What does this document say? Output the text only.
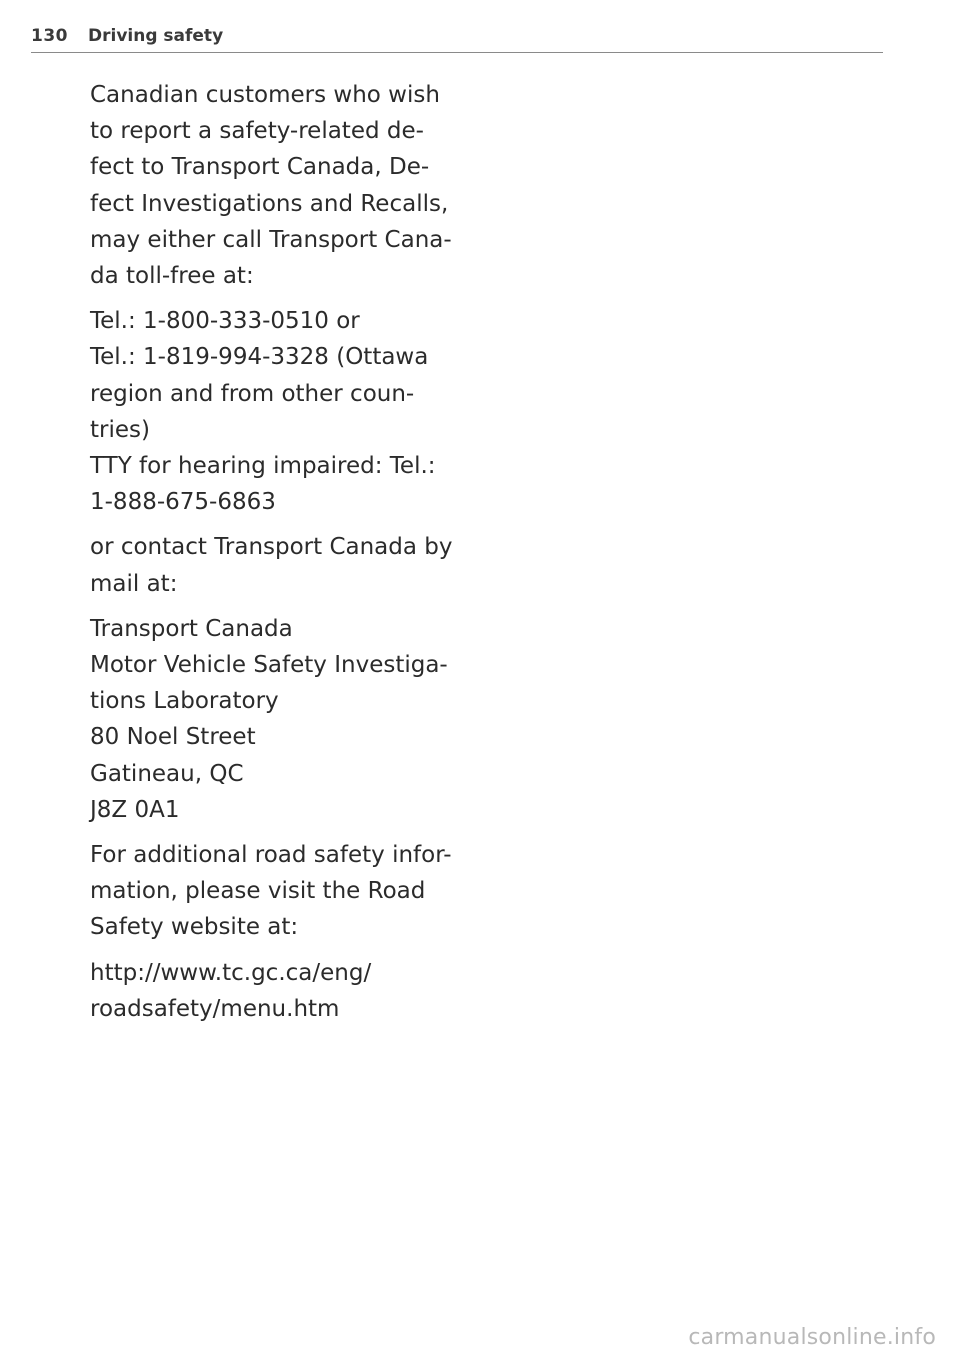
130 Driving safety

Canadian customers who wish
to report a safety-related de-
fect to Transport Canada, De-
fect Investigations and Recalls,
may either call Transport Cana-
da toll-free at:

Tel.: 1-800-333-0510 or
Tel.: 1-819-994-3328 (Ottawa
region and from other coun-
tries)
TTY for hearing impaired: Tel.:
1-888-675-6863

or contact Transport Canada by
mail at:

Transport Canada
Motor Vehicle Safety Investiga-
tions Laboratory
80 Noel Street
Gatineau, QC
J8Z 0A1

For additional road safety infor-
mation, please visit the Road
Safety website at:

http://www.tc.gc.ca/eng/
roadsafety/menu.htm

carmanualsonline.info
